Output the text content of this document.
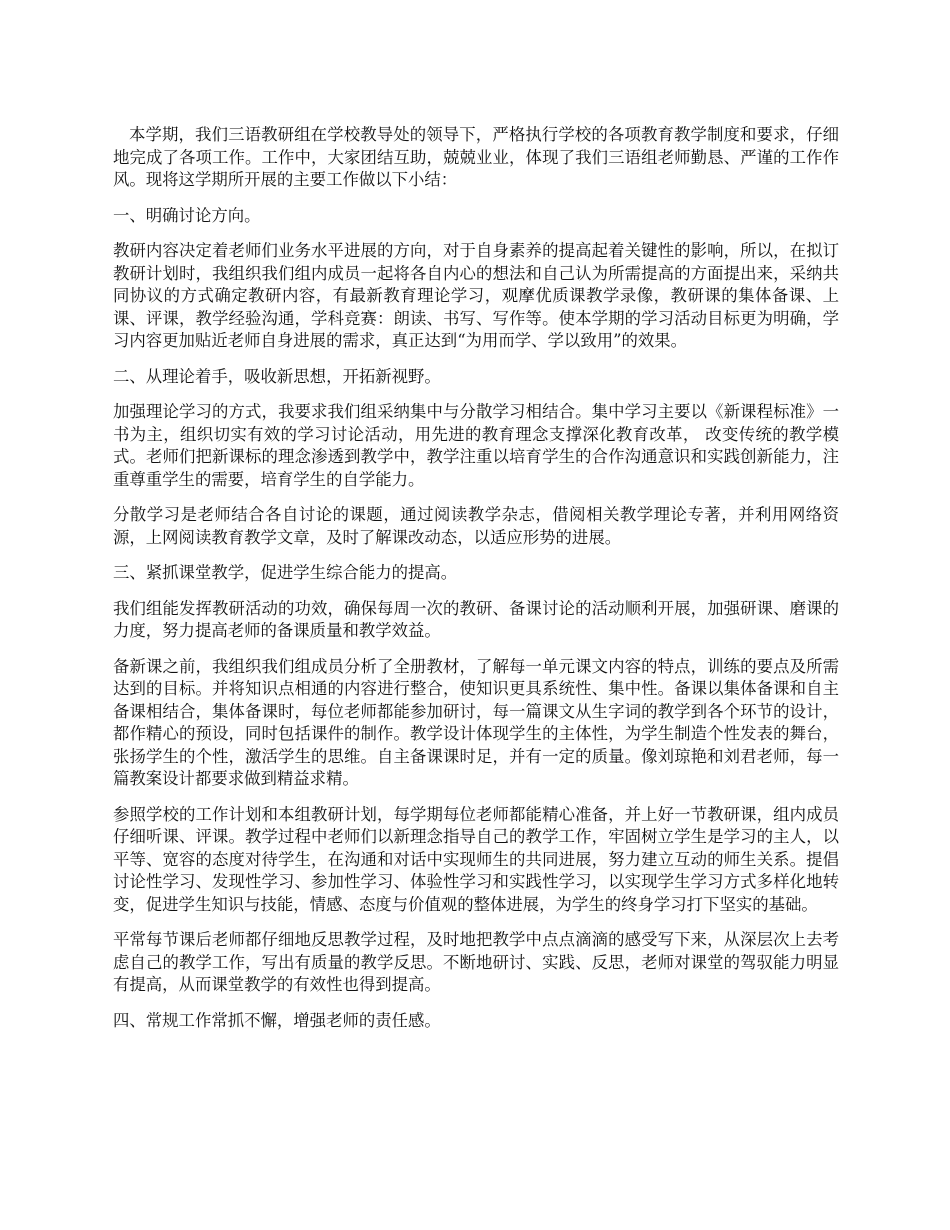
本学期，我们三语教研组在学校教导处的领导下，严格执行学校的各项教育教学制度和要求，仔细地完成了各项工作。工作中，大家团结互助，兢兢业业，体现了我们三语组老师勤恳、严谨的工作作风。现将这学期所开展的主要工作做以下小结：

一、明确讨论方向。

教研内容决定着老师们业务水平进展的方向，对于自身素养的提高起着关键性的影响，所以，在拟订教研计划时，我组织我们组内成员一起将各自内心的想法和自己认为所需提高的方面提出来，采纳共同协议的方式确定教研内容，有最新教育理论学习，观摩优质课教学录像，教研课的集体备课、上课、评课，教学经验沟通，学科竞赛：朗读、书写、写作等。使本学期的学习活动目标更为明确，学习内容更加贴近老师自身进展的需求，真正达到“为用而学、学以致用”的效果。

二、从理论着手，吸收新思想，开拓新视野。

加强理论学习的方式，我要求我们组采纳集中与分散学习相结合。集中学习主要以《新课程标准》一书为主，组织切实有效的学习讨论活动，用先进的教育理念支撑深化教育改革， 改变传统的教学模式。老师们把新课标的理念渗透到教学中，教学注重以培育学生的合作沟通意识和实践创新能力，注重尊重学生的需要，培育学生的自学能力。

分散学习是老师结合各自讨论的课题，通过阅读教学杂志，借阅相关教学理论专著，并利用网络资源，上网阅读教育教学文章，及时了解课改动态，以适应形势的进展。

三、紧抓课堂教学，促进学生综合能力的提高。

我们组能发挥教研活动的功效，确保每周一次的教研、备课讨论的活动顺利开展，加强研课、磨课的力度，努力提高老师的备课质量和教学效益。

备新课之前，我组织我们组成员分析了全册教材，了解每一单元课文内容的特点，训练的要点及所需达到的目标。并将知识点相通的内容进行整合，使知识更具系统性、集中性。备课以集体备课和自主备课相结合，集体备课时，每位老师都能参加研讨，每一篇课文从生字词的教学到各个环节的设计，都作精心的预设，同时包括课件的制作。教学设计体现学生的主体性，为学生制造个性发表的舞台，张扬学生的个性，激活学生的思维。自主备课课时足，并有一定的质量。像刘琼艳和刘君老师，每一篇教案设计都要求做到精益求精。

参照学校的工作计划和本组教研计划，每学期每位老师都能精心准备，并上好一节教研课，组内成员仔细听课、评课。教学过程中老师们以新理念指导自己的教学工作，牢固树立学生是学习的主人，以平等、宽容的态度对待学生，在沟通和对话中实现师生的共同进展，努力建立互动的师生关系。提倡讨论性学习、发现性学习、参加性学习、体验性学习和实践性学习，以实现学生学习方式多样化地转变，促进学生知识与技能，情感、态度与价值观的整体进展，为学生的终身学习打下坚实的基础。

平常每节课后老师都仔细地反思教学过程，及时地把教学中点点滴滴的感受写下来，从深层次上去考虑自己的教学工作，写出有质量的教学反思。不断地研讨、实践、反思，老师对课堂的驾驭能力明显有提高，从而课堂教学的有效性也得到提高。

四、常规工作常抓不懈，增强老师的责任感。
